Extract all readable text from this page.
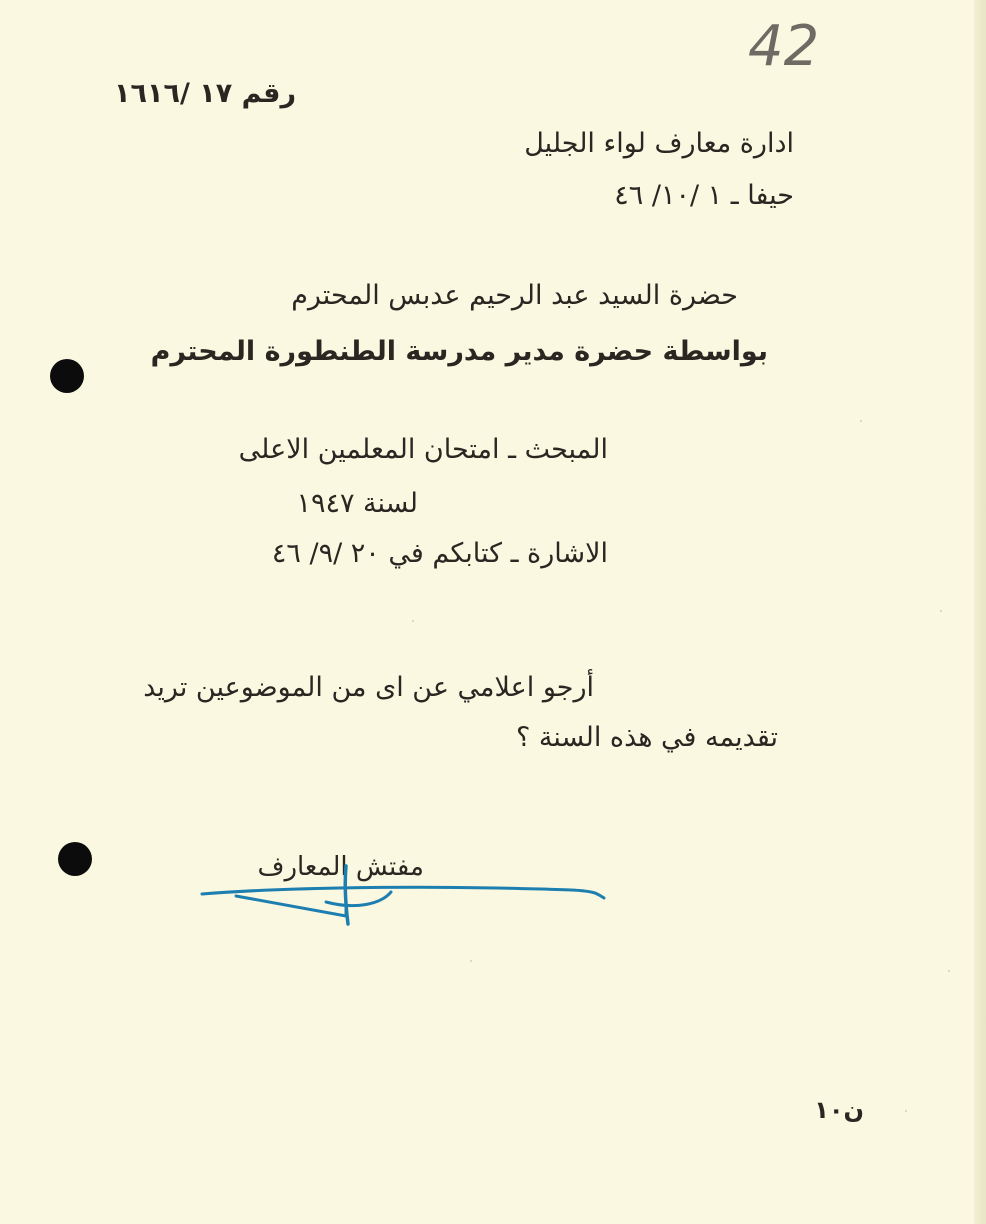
42
رقم ١٧ /١٦١٦
ادارة معارف لواء الجليل
حيفا ـ ١ /١٠/ ٤٦
حضرة السيد عبد الرحيم عدبس المحترم
بواسطة حضرة مدير مدرسة الطنطورة المحترم
المبحث ـ امتحان المعلمين الاعلى
لسنة ١٩٤٧
الاشارة ـ كتابكم في ٢٠ /٩/ ٤٦
أرجو اعلامي عن اى من الموضوعين تريد
تقديمه في هذه السنة ؟
مفتش المعارف
ن١٠
